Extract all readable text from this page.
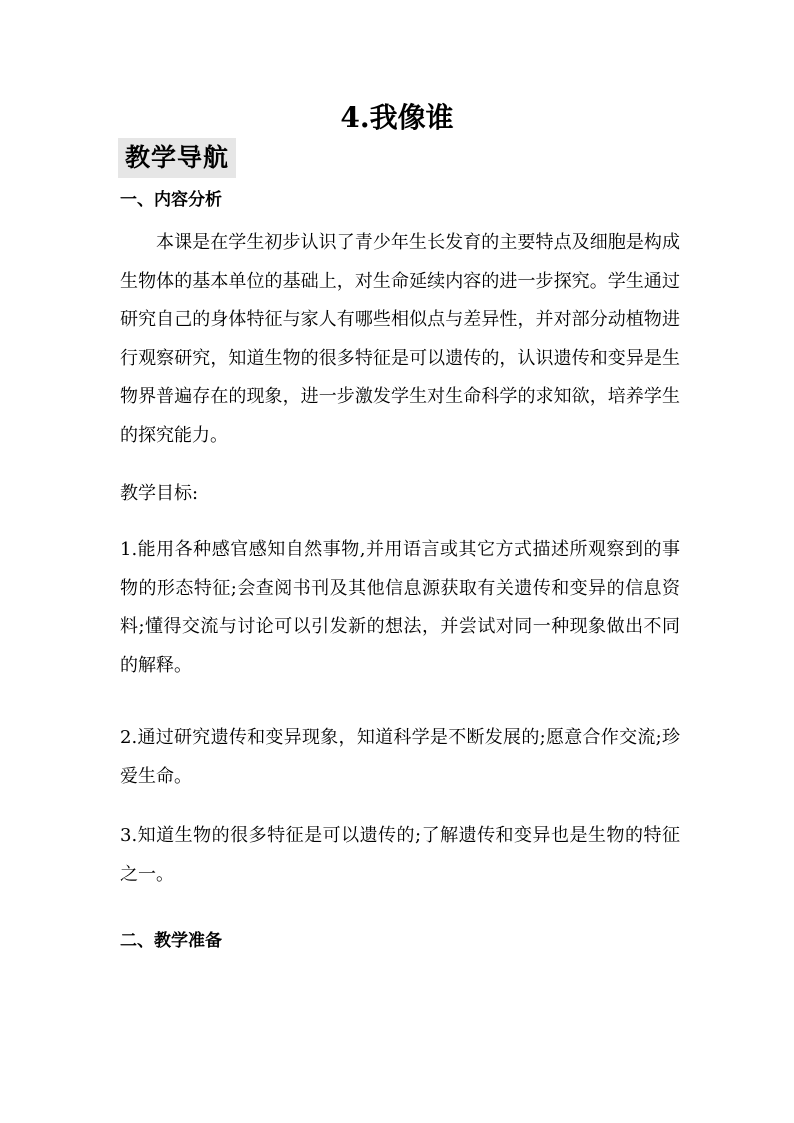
4.我像谁
教学导航
一、内容分析

本课是在学生初步认识了青少年生长发育的主要特点及细胞是构成生物体的基本单位的基础上，对生命延续内容的进一步探究。学生通过研究自己的身体特征与家人有哪些相似点与差异性，并对部分动植物进行观察研究，知道生物的很多特征是可以遗传的，认识遗传和变异是生物界普遍存在的现象，进一步激发学生对生命科学的求知欲，培养学生的探究能力。

教学目标:

1.能用各种感官感知自然事物,并用语言或其它方式描述所观察到的事物的形态特征;会查阅书刊及其他信息源获取有关遗传和变异的信息资料;懂得交流与讨论可以引发新的想法，并尝试对同一种现象做出不同的解释。

2.通过研究遗传和变异现象，知道科学是不断发展的;愿意合作交流;珍爱生命。

3.知道生物的很多特征是可以遗传的;了解遗传和变异也是生物的特征之一。

二、教学准备
